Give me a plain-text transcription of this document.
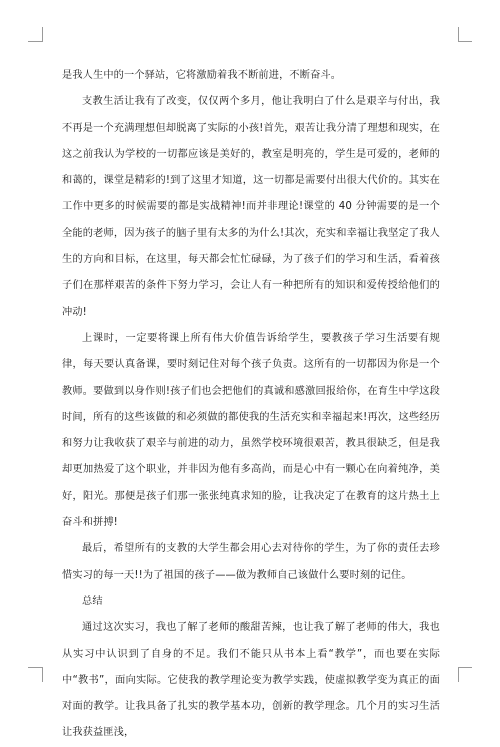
是我人生中的一个驿站，它将激励着我不断前进，不断奋斗。

支教生活让我有了改变，仅仅两个多月，他让我明白了什么是艰辛与付出，我不再是一个充满理想但却脱离了实际的小孩!首先，艰苦让我分清了理想和现实，在这之前我认为学校的一切都应该是美好的，教室是明亮的，学生是可爱的，老师的和蔼的，课堂是精彩的!到了这里才知道，这一切都是需要付出很大代价的。其实在工作中更多的时候需要的都是实战精神!而并非理论!课堂的 40 分钟需要的是一个全能的老师，因为孩子的脑子里有太多的为什么!其次，充实和幸福让我坚定了我人生的方向和目标，在这里，每天都会忙忙碌碌，为了孩子们的学习和生活，看着孩子们在那样艰苦的条件下努力学习，会让人有一种把所有的知识和爱传授给他们的冲动!

上课时，一定要将课上所有伟大价值告诉给学生，要教孩子学习生活要有规律，每天要认真备课，要时刻记住对每个孩子负责。这所有的一切都因为你是一个教师。要做到以身作则!孩子们也会把他们的真诚和感激回报给你，在育生中学这段时间，所有的这些该做的和必须做的都使我的生活充实和幸福起来!再次，这些经历和努力让我收获了艰辛与前进的动力，虽然学校环境很艰苦，教具很缺乏，但是我却更加热爱了这个职业，并非因为他有多高尚，而是心中有一颗心在向着纯净，美好，阳光。那便是孩子们那一张张纯真求知的脸，让我决定了在教育的这片热土上奋斗和拼搏!

最后，希望所有的支教的大学生都会用心去对待你的学生，为了你的责任去珍惜实习的每一天!!为了祖国的孩子——做为教师自己该做什么要时刻的记住。

总结

通过这次实习，我也了解了老师的酸甜苦辣，也让我了解了老师的伟大，我也从实习中认识到了自身的不足。我们不能只从书本上看“教学”，而也要在实际中“教书”，面向实际。它使我的教学理论变为教学实践，使虚拟教学变为真正的面对面的教学。让我具备了扎实的教学基本功，创新的教学理念。几个月的实习生活让我获益匪浅，
